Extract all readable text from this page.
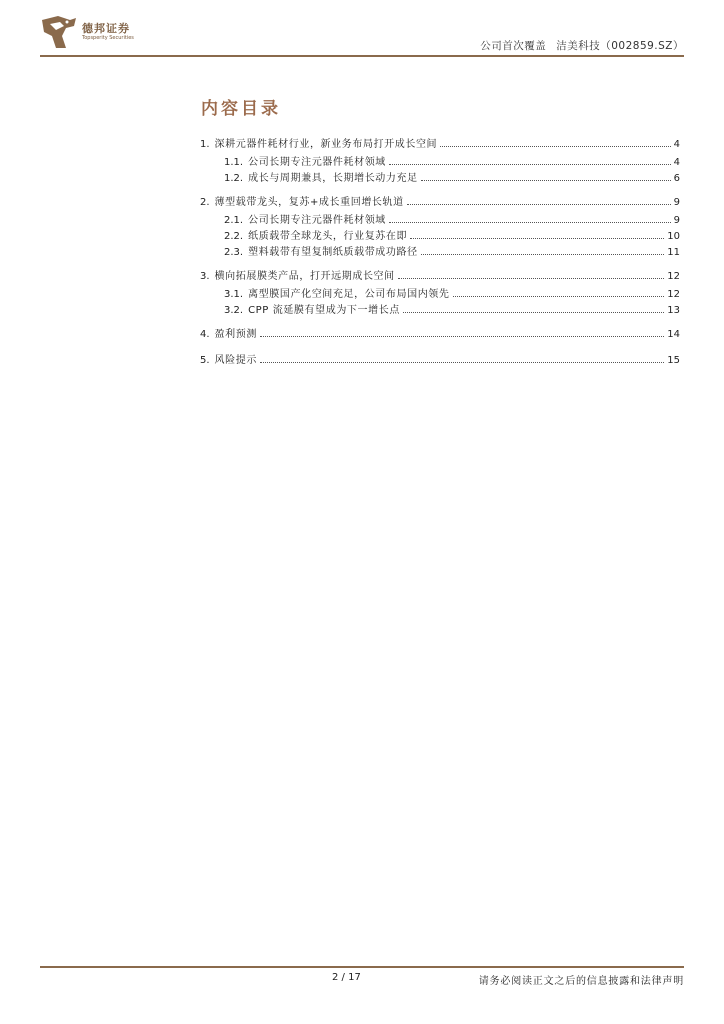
德邦证券
Topsperity Securities
公司首次覆盖 洁美科技（002859.SZ）
内容目录
1. 深耕元器件耗材行业，新业务布局打开成长空间	4
1.1. 公司长期专注元器件耗材领域	4
1.2. 成长与周期兼具，长期增长动力充足	6
2. 薄型载带龙头，复苏+成长重回增长轨道	9
2.1. 公司长期专注元器件耗材领域	9
2.2. 纸质载带全球龙头，行业复苏在即	10
2.3. 塑料载带有望复制纸质载带成功路径	11
3. 横向拓展膜类产品，打开远期成长空间	12
3.1. 离型膜国产化空间充足，公司布局国内领先	12
3.2. CPP 流延膜有望成为下一增长点	13
4. 盈利预测	14
5. 风险提示	15
2 / 17	请务必阅读正文之后的信息披露和法律声明
